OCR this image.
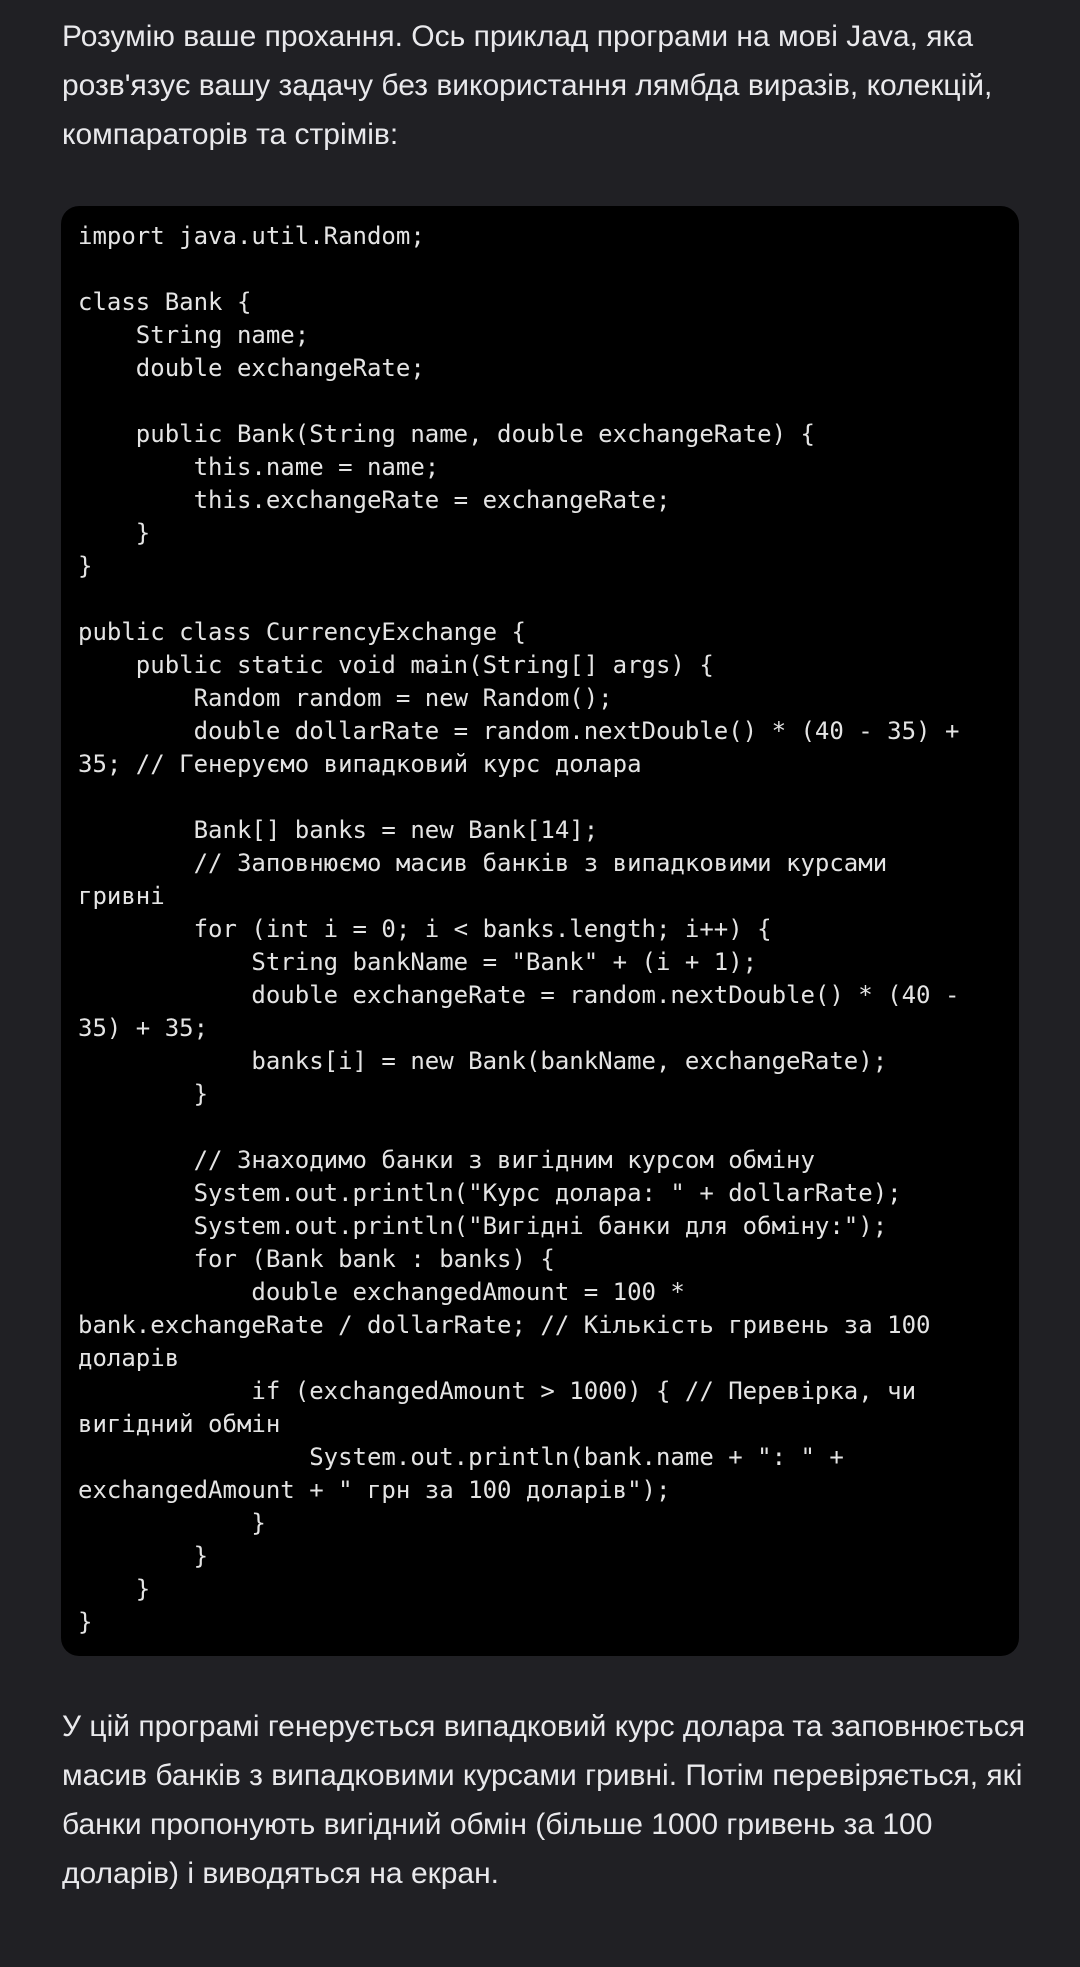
Розумію ваше прохання. Ось приклад програми на мові Java, яка розв'язує вашу задачу без використання лямбда виразів, колекцій, компараторів та стрімів:

import java.util.Random;

class Bank {
String name;
double exchangeRate;

public Bank(String name, double exchangeRate) {
this.name = name;
this.exchangeRate = exchangeRate;
}
}

public class CurrencyExchange {
public static void main(String[] args) {
Random random = new Random();
double dollarRate = random.nextDouble() * (40 - 35) +
35; // Генеруємо випадковий курс долара

Bank[] banks = new Bank[14];
// Заповнюємо масив банків з випадковими курсами
гривні
for (int i = 0; i < banks.length; i++) {
String bankName = "Bank" + (i + 1);
double exchangeRate = random.nextDouble() * (40 -
35) + 35;
banks[i] = new Bank(bankName, exchangeRate);
}

// Знаходимо банки з вигідним курсом обміну
System.out.println("Курс долара: " + dollarRate);
System.out.println("Вигідні банки для обміну:");
for (Bank bank : banks) {
double exchangedAmount = 100 *
bank.exchangeRate / dollarRate; // Кількість гривень за 100
доларів
if (exchangedAmount > 1000) { // Перевірка, чи
вигідний обмін
System.out.println(bank.name + ": " +
exchangedAmount + " грн за 100 доларів");
}
}
}
}

У цій програмі генерується випадковий курс долара та заповнюється масив банків з випадковими курсами гривні. Потім перевіряється, які банки пропонують вигідний обмін (більше 1000 гривень за 100 доларів) і виводяться на екран.
